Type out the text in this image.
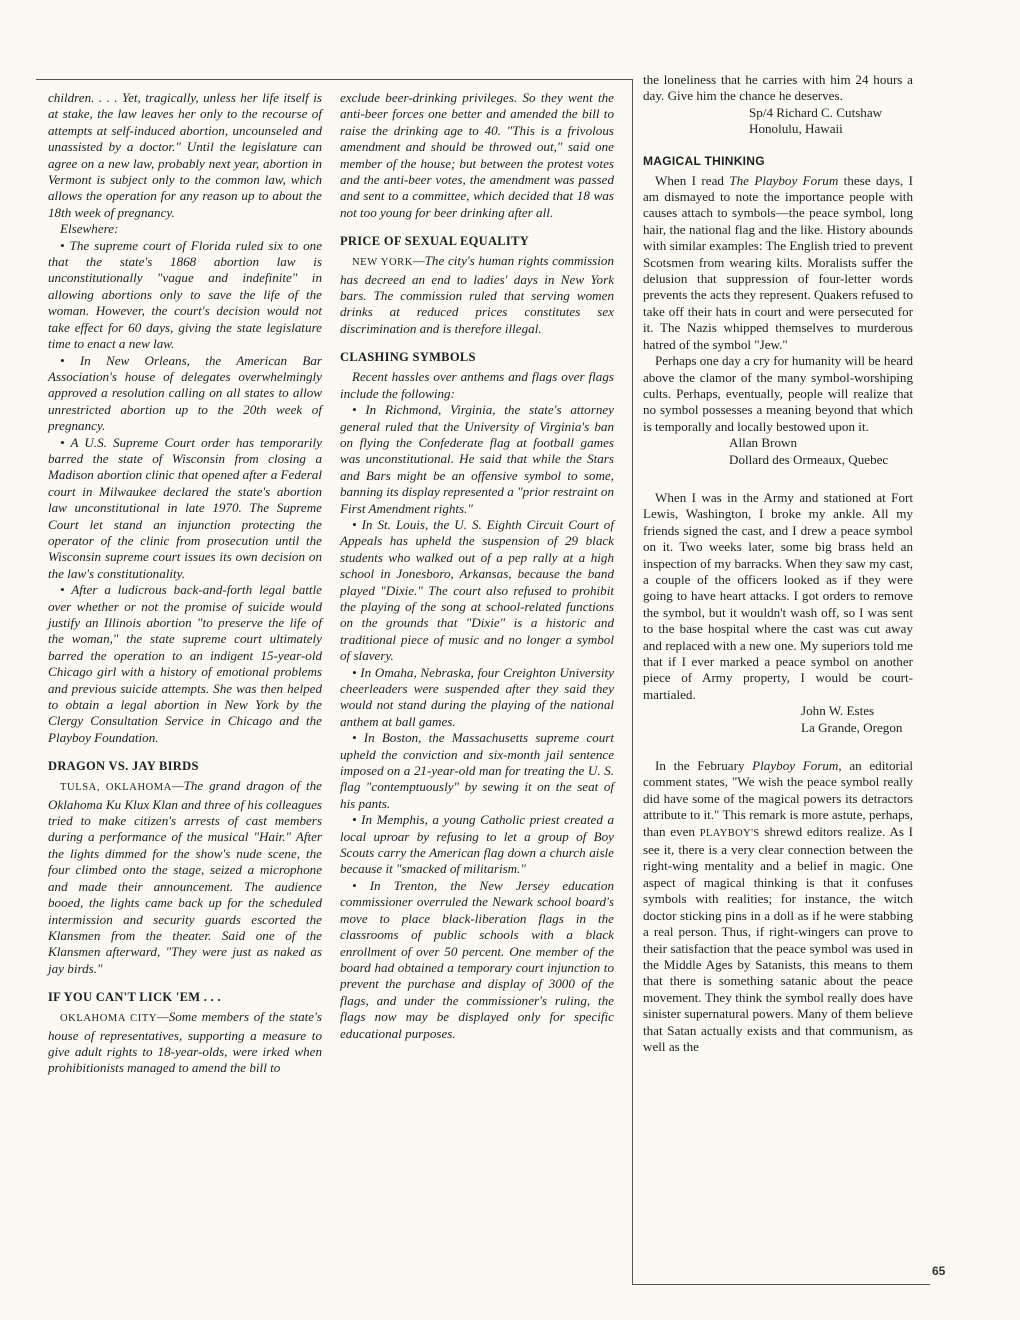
children. . . . Yet, tragically, unless her life itself is at stake, the law leaves her only to the recourse of attempts at self-induced abortion, uncounseled and unassisted by a doctor." Until the legislature can agree on a new law, probably next year, abortion in Vermont is subject only to the common law, which allows the operation for any reason up to about the 18th week of pregnancy.

Elsewhere:

• The supreme court of Florida ruled six to one that the state's 1868 abortion law is unconstitutionally "vague and indefinite" in allowing abortions only to save the life of the woman. However, the court's decision would not take effect for 60 days, giving the state legislature time to enact a new law.

• In New Orleans, the American Bar Association's house of delegates overwhelmingly approved a resolution calling on all states to allow unrestricted abortion up to the 20th week of pregnancy.

• A U.S. Supreme Court order has temporarily barred the state of Wisconsin from closing a Madison abortion clinic that opened after a Federal court in Milwaukee declared the state's abortion law unconstitutional in late 1970. The Supreme Court let stand an injunction protecting the operator of the clinic from prosecution until the Wisconsin supreme court issues its own decision on the law's constitutionality.

• After a ludicrous back-and-forth legal battle over whether or not the promise of suicide would justify an Illinois abortion "to preserve the life of the woman," the state supreme court ultimately barred the operation to an indigent 15-year-old Chicago girl with a history of emotional problems and previous suicide attempts. She was then helped to obtain a legal abortion in New York by the Clergy Consultation Service in Chicago and the Playboy Foundation.

DRAGON VS. JAY BIRDS

TULSA, OKLAHOMA—The grand dragon of the Oklahoma Ku Klux Klan and three of his colleagues tried to make citizen's arrests of cast members during a performance of the musical "Hair." After the lights dimmed for the show's nude scene, the four climbed onto the stage, seized a microphone and made their announcement. The audience booed, the lights came back up for the scheduled intermission and security guards escorted the Klansmen from the theater. Said one of the Klansmen afterward, "They were just as naked as jay birds."

IF YOU CAN'T LICK 'EM . . .

OKLAHOMA CITY—Some members of the state's house of representatives, supporting a measure to give adult rights to 18-year-olds, were irked when prohibitionists managed to amend the bill to

exclude beer-drinking privileges. So they went the anti-beer forces one better and amended the bill to raise the drinking age to 40. "This is a frivolous amendment and should be throwed out," said one member of the house; but between the protest votes and the anti-beer votes, the amendment was passed and sent to a committee, which decided that 18 was not too young for beer drinking after all.

PRICE OF SEXUAL EQUALITY

NEW YORK—The city's human rights commission has decreed an end to ladies' days in New York bars. The commission ruled that serving women drinks at reduced prices constitutes sex discrimination and is therefore illegal.

CLASHING SYMBOLS

Recent hassles over anthems and flags over flags include the following:

• In Richmond, Virginia, the state's attorney general ruled that the University of Virginia's ban on flying the Confederate flag at football games was unconstitutional. He said that while the Stars and Bars might be an offensive symbol to some, banning its display represented a "prior restraint on First Amendment rights."

• In St. Louis, the U. S. Eighth Circuit Court of Appeals has upheld the suspension of 29 black students who walked out of a pep rally at a high school in Jonesboro, Arkansas, because the band played "Dixie." The court also refused to prohibit the playing of the song at school-related functions on the grounds that "Dixie" is a historic and traditional piece of music and no longer a symbol of slavery.

• In Omaha, Nebraska, four Creighton University cheerleaders were suspended after they said they would not stand during the playing of the national anthem at ball games.

• In Boston, the Massachusetts supreme court upheld the conviction and six-month jail sentence imposed on a 21-year-old man for treating the U. S. flag "contemptuously" by sewing it on the seat of his pants.

• In Memphis, a young Catholic priest created a local uproar by refusing to let a group of Boy Scouts carry the American flag down a church aisle because it "smacked of militarism."

• In Trenton, the New Jersey education commissioner overruled the Newark school board's move to place black-liberation flags in the classrooms of public schools with a black enrollment of over 50 percent. One member of the board had obtained a temporary court injunction to prevent the purchase and display of 3000 of the flags, and under the commissioner's ruling, the flags now may be displayed only for specific educational purposes.

the loneliness that he carries with him 24 hours a day. Give him the chance he deserves.

Sp/4 Richard C. Cutshaw

Honolulu, Hawaii

MAGICAL THINKING

When I read The Playboy Forum these days, I am dismayed to note the importance people with causes attach to symbols—the peace symbol, long hair, the national flag and the like. History abounds with similar examples: The English tried to prevent Scotsmen from wearing kilts. Moralists suffer the delusion that suppression of four-letter words prevents the acts they represent. Quakers refused to take off their hats in court and were persecuted for it. The Nazis whipped themselves to murderous hatred of the symbol "Jew."

Perhaps one day a cry for humanity will be heard above the clamor of the many symbol-worshiping cults. Perhaps, eventually, people will realize that no symbol possesses a meaning beyond that which is temporally and locally bestowed upon it.

Allan Brown

Dollard des Ormeaux, Quebec

When I was in the Army and stationed at Fort Lewis, Washington, I broke my ankle. All my friends signed the cast, and I drew a peace symbol on it. Two weeks later, some big brass held an inspection of my barracks. When they saw my cast, a couple of the officers looked as if they were going to have heart attacks. I got orders to remove the symbol, but it wouldn't wash off, so I was sent to the base hospital where the cast was cut away and replaced with a new one. My superiors told me that if I ever marked a peace symbol on another piece of Army property, I would be court-martialed.

John W. Estes

La Grande, Oregon

In the February Playboy Forum, an editorial comment states, "We wish the peace symbol really did have some of the magical powers its detractors attribute to it." This remark is more astute, perhaps, than even PLAYBOY'S shrewd editors realize. As I see it, there is a very clear connection between the right-wing mentality and a belief in magic. One aspect of magical thinking is that it confuses symbols with realities; for instance, the witch doctor sticking pins in a doll as if he were stabbing a real person. Thus, if right-wingers can prove to their satisfaction that the peace symbol was used in the Middle Ages by Satanists, this means to them that there is something satanic about the peace movement. They think the symbol really does have sinister supernatural powers. Many of them believe that Satan actually exists and that communism, as well as the

65
